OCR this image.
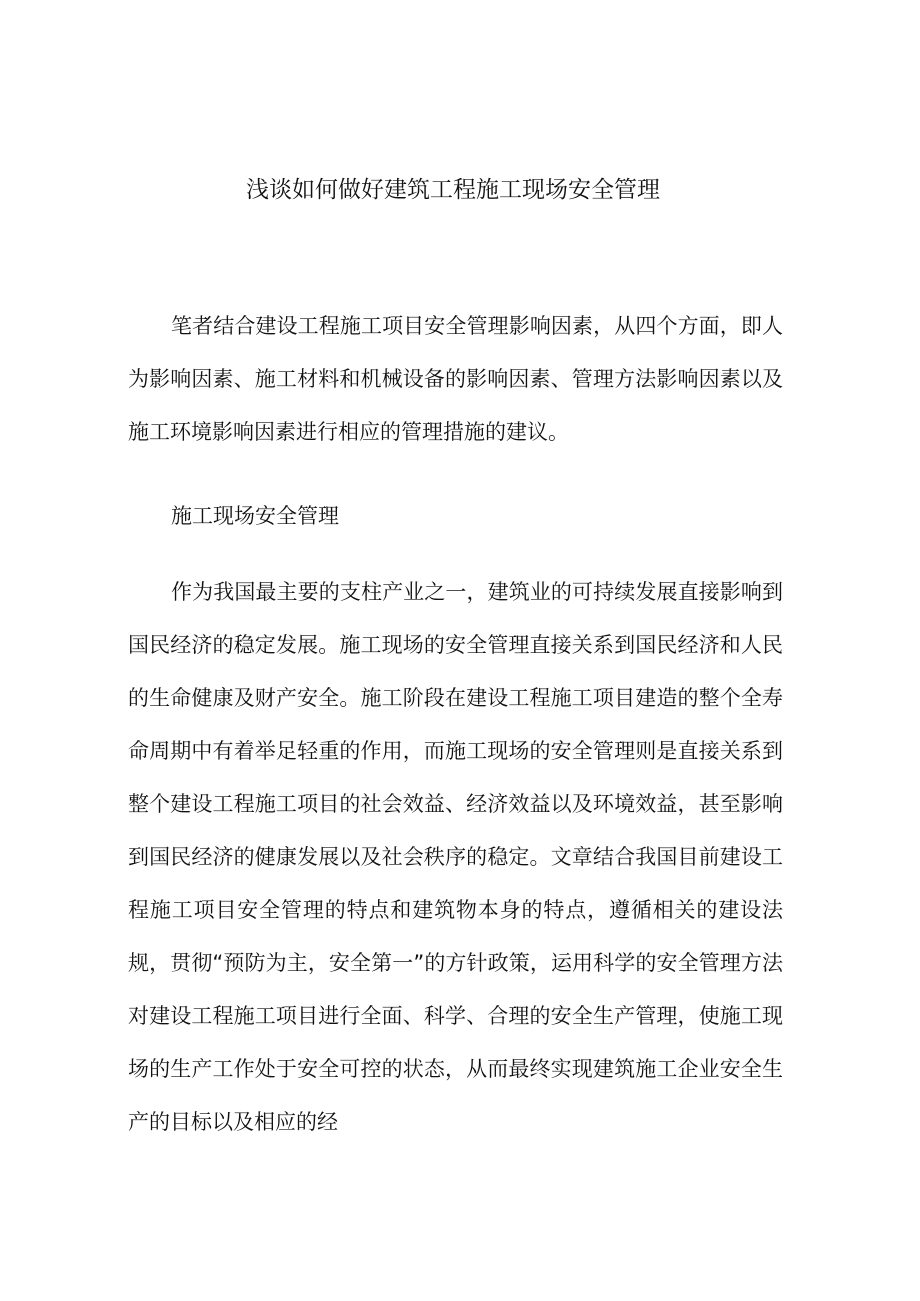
浅谈如何做好建筑工程施工现场安全管理

笔者结合建设工程施工项目安全管理影响因素，从四个方面，即人为影响因素、施工材料和机械设备的影响因素、管理方法影响因素以及施工环境影响因素进行相应的管理措施的建议。

施工现场安全管理

作为我国最主要的支柱产业之一，建筑业的可持续发展直接影响到国民经济的稳定发展。施工现场的安全管理直接关系到国民经济和人民的生命健康及财产安全。施工阶段在建设工程施工项目建造的整个全寿命周期中有着举足轻重的作用，而施工现场的安全管理则是直接关系到整个建设工程施工项目的社会效益、经济效益以及环境效益，甚至影响到国民经济的健康发展以及社会秩序的稳定。文章结合我国目前建设工程施工项目安全管理的特点和建筑物本身的特点，遵循相关的建设法规，贯彻“预防为主，安全第一”的方针政策，运用科学的安全管理方法对建设工程施工项目进行全面、科学、合理的安全生产管理，使施工现场的生产工作处于安全可控的状态，从而最终实现建筑施工企业安全生产的目标以及相应的经
